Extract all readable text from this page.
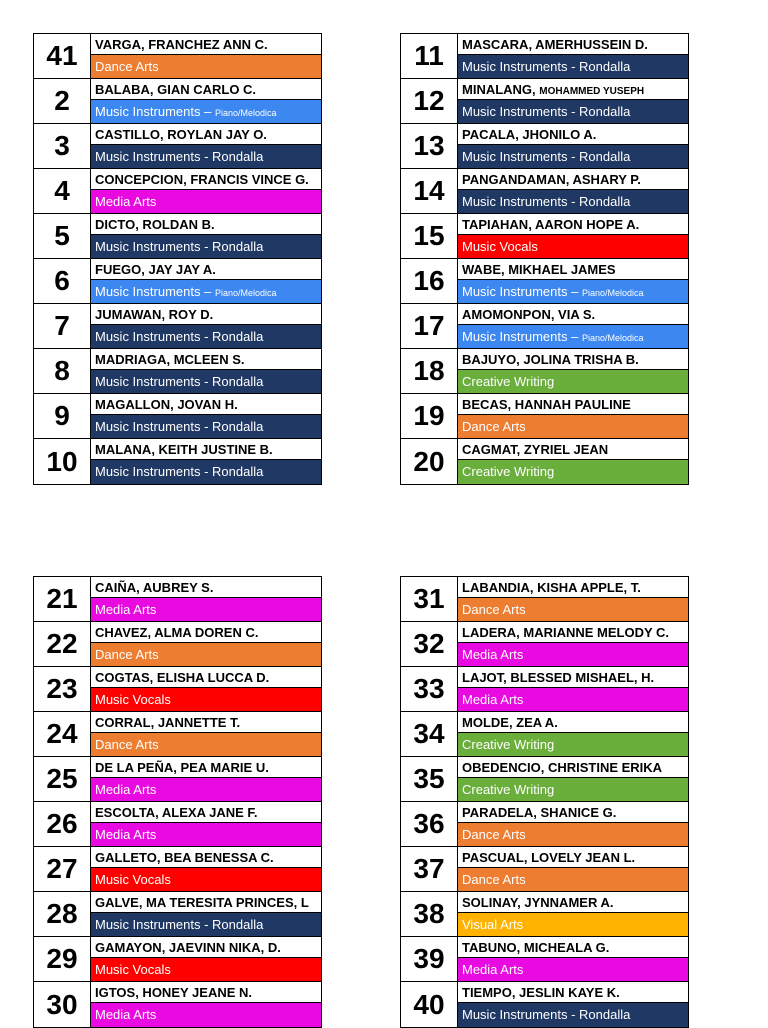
41	VARGA, FRANCHEZ ANN C.
Dance Arts
2	BALABA, GIAN CARLO C.
Music Instruments – Piano/Melodica
3	CASTILLO, ROYLAN JAY O.
Music Instruments - Rondalla
4	CONCEPCION, FRANCIS VINCE G.
Media Arts
5	DICTO, ROLDAN B.
Music Instruments - Rondalla
6	FUEGO, JAY JAY A.
Music Instruments – Piano/Melodica
7	JUMAWAN, ROY D.
Music Instruments - Rondalla
8	MADRIAGA, MCLEEN S.
Music Instruments - Rondalla
9	MAGALLON, JOVAN H.
Music Instruments - Rondalla
10	MALANA, KEITH JUSTINE B.
Music Instruments - Rondalla
11	MASCARA, AMERHUSSEIN D.
Music Instruments - Rondalla
12	MINALANG, MOHAMMED YUSEPH
Music Instruments - Rondalla
13	PACALA, JHONILO A.
Music Instruments - Rondalla
14	PANGANDAMAN, ASHARY P.
Music Instruments - Rondalla
15	TAPIAHAN, AARON HOPE A.
Music Vocals
16	WABE, MIKHAEL JAMES
Music Instruments – Piano/Melodica
17	AMOMONPON, VIA S.
Music Instruments – Piano/Melodica
18	BAJUYO, JOLINA TRISHA B.
Creative Writing
19	BECAS, HANNAH PAULINE
Dance Arts
20	CAGMAT, ZYRIEL JEAN
Creative Writing
21	CAIÑA, AUBREY S.
Media Arts
22	CHAVEZ, ALMA DOREN C.
Dance Arts
23	COGTAS, ELISHA LUCCA D.
Music Vocals
24	CORRAL, JANNETTE T.
Dance Arts
25	DE LA PEÑA, PEA MARIE U.
Media Arts
26	ESCOLTA, ALEXA JANE F.
Media Arts
27	GALLETO, BEA BENESSA C.
Music Vocals
28	GALVE, MA TERESITA PRINCES, L
Music Instruments - Rondalla
29	GAMAYON, JAEVINN NIKA, D.
Music Vocals
30	IGTOS, HONEY JEANE N.
Media Arts
31	LABANDIA, KISHA APPLE, T.
Dance Arts
32	LADERA, MARIANNE MELODY C.
Media Arts
33	LAJOT, BLESSED MISHAEL, H.
Media Arts
34	MOLDE, ZEA A.
Creative Writing
35	OBEDENCIO, CHRISTINE ERIKA
Creative Writing
36	PARADELA, SHANICE G.
Dance Arts
37	PASCUAL, LOVELY JEAN L.
Dance Arts
38	SOLINAY, JYNNAMER A.
Visual Arts
39	TABUNO, MICHEALA G.
Media Arts
40	TIEMPO, JESLIN KAYE K.
Music Instruments - Rondalla
